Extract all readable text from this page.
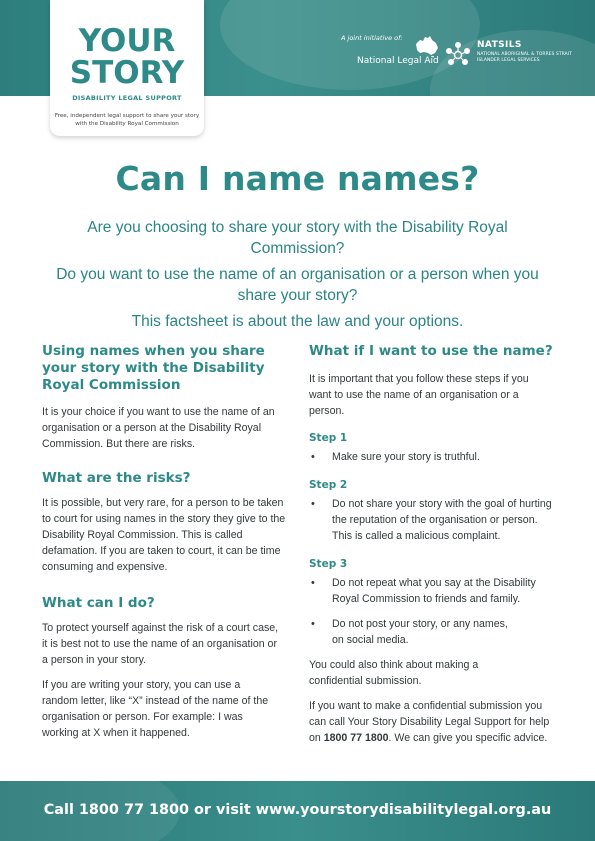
A joint initiative of:
National Legal Aid
NATSILS
NATIONAL ABORIGINAL & TORRES STRAIT ISLANDER LEGAL SERVICES
YOUR
STORY
DISABILITY LEGAL SUPPORT
Free, independent legal support to share your story with the Disability Royal Commission
Can I name names?

Are you choosing to share your story with the Disability Royal Commission?

Do you want to use the name of an organisation or a person when you share your story?

This factsheet is about the law and your options.

Using names when you share your story with the Disability Royal Commission

It is your choice if you want to use the name of an organisation or a person at the Disability Royal Commission. But there are risks.

What are the risks?

It is possible, but very rare, for a person to be taken to court for using names in the story they give to the Disability Royal Commission. This is called defamation. If you are taken to court, it can be time consuming and expensive.

What can I do?

To protect yourself against the risk of a court case, it is best not to use the name of an organisation or a person in your story.

If you are writing your story, you can use a random letter, like “X” instead of the name of the organisation or person. For example: I was working at X when it happened.

What if I want to use the name?

It is important that you follow these steps if you want to use the name of an organisation or a person.

Step 1
• Make sure your story is truthful.
Step 2
• Do not share your story with the goal of hurting the reputation of the organisation or person. This is called a malicious complaint.
Step 3
• Do not repeat what you say at the Disability Royal Commission to friends and family.
• Do not post your story, or any names, on social media.

You could also think about making a confidential submission.

If you want to make a confidential submission you can call Your Story Disability Legal Support for help on 1800 77 1800. We can give you specific advice.

Call 1800 77 1800 or visit www.yourstorydisabilitylegal.org.au
